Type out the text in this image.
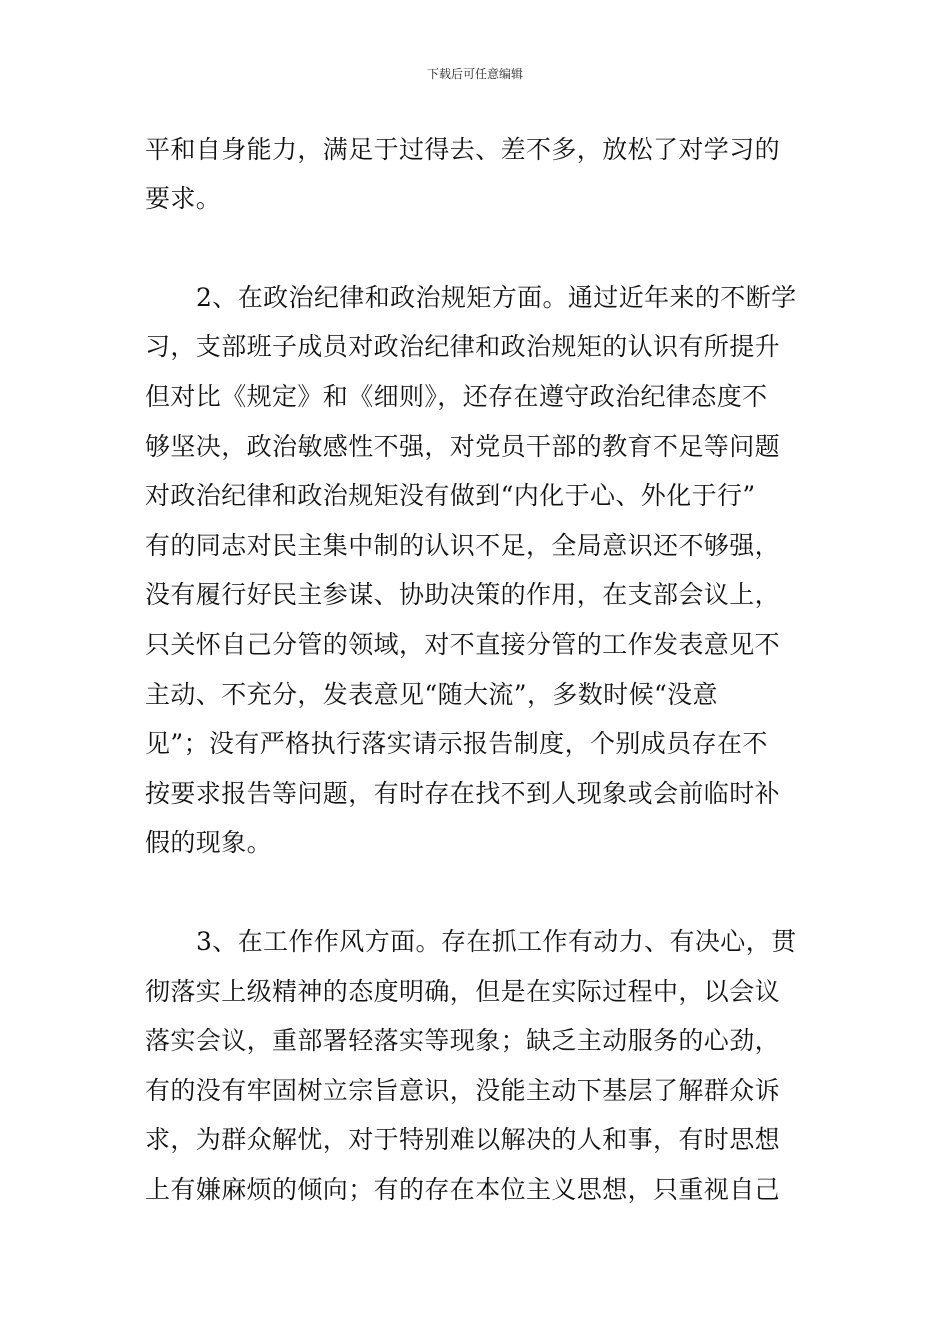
下载后可任意编辑
平和自身能力，满足于过得去、差不多，放松了对学习的
要求。
2、在政治纪律和政治规矩方面。通过近年来的不断学
习，支部班子成员对政治纪律和政治规矩的认识有所提升
但对比《规定》和《细则》，还存在遵守政治纪律态度不
够坚决，政治敏感性不强，对党员干部的教育不足等问题
对政治纪律和政治规矩没有做到“内化于心、外化于行”
有的同志对民主集中制的认识不足，全局意识还不够强，
没有履行好民主参谋、协助决策的作用，在支部会议上，
只关怀自己分管的领域，对不直接分管的工作发表意见不
主动、不充分，发表意见“随大流”，多数时候“没意
见”；没有严格执行落实请示报告制度，个别成员存在不
按要求报告等问题，有时存在找不到人现象或会前临时补
假的现象。
3、在工作作风方面。存在抓工作有动力、有决心，贯
彻落实上级精神的态度明确，但是在实际过程中，以会议
落实会议，重部署轻落实等现象；缺乏主动服务的心劲，
有的没有牢固树立宗旨意识，没能主动下基层了解群众诉
求，为群众解忧，对于特别难以解决的人和事，有时思想
上有嫌麻烦的倾向；有的存在本位主义思想，只重视自己
